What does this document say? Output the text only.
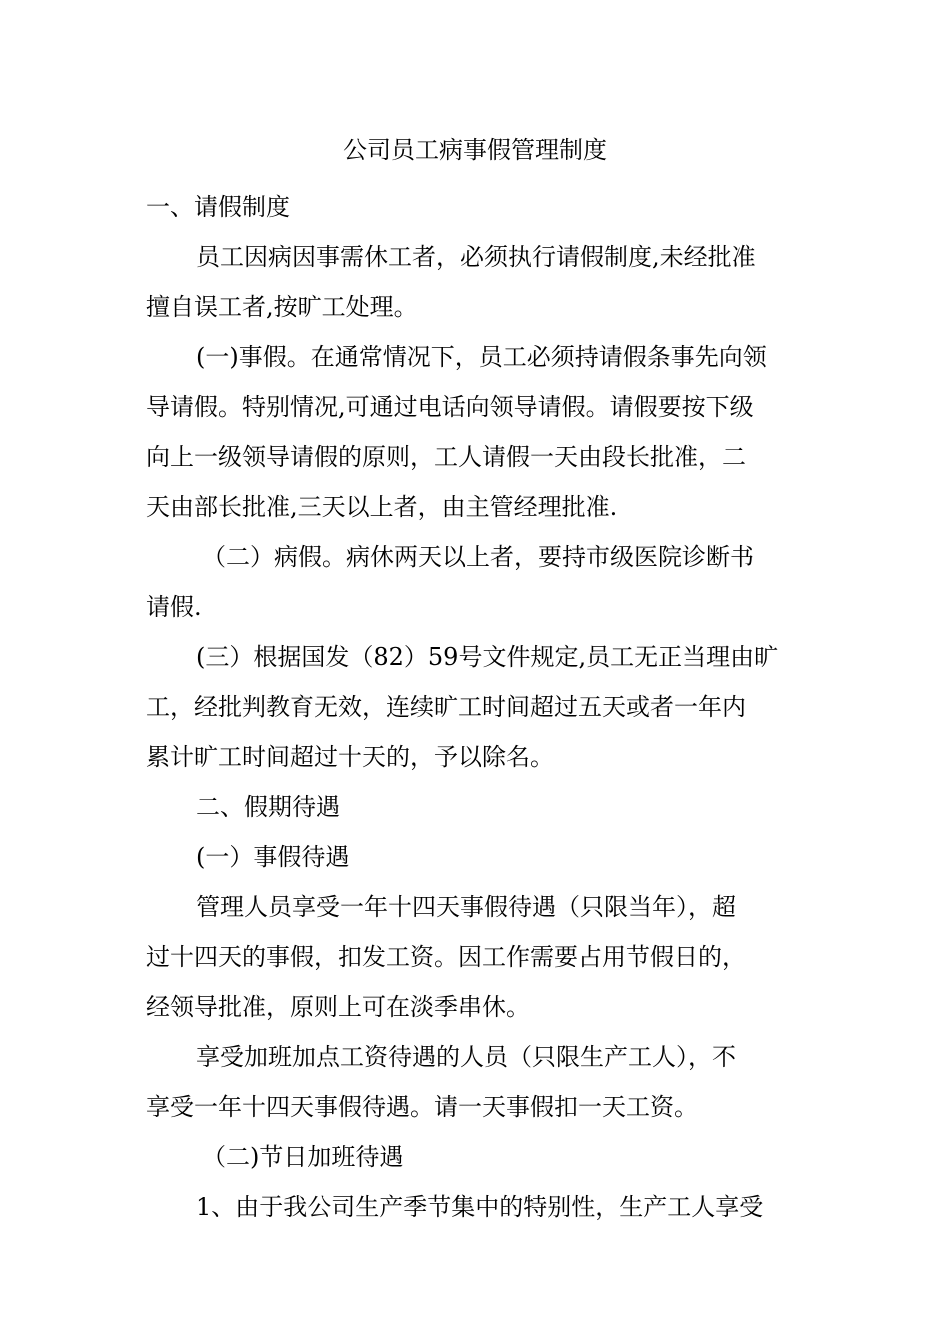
公司员工病事假管理制度

一、请假制度

员工因病因事需休工者，必须执行请假制度,未经批准

擅自误工者,按旷工处理。

(一)事假。在通常情况下，员工必须持请假条事先向领

导请假。特别情况,可通过电话向领导请假。请假要按下级

向上一级领导请假的原则，工人请假一天由段长批准，二

天由部长批准,三天以上者，由主管经理批准.

（二）病假。病休两天以上者，要持市级医院诊断书

请假.

(三）根据国发（82）59号文件规定,员工无正当理由旷

工，经批判教育无效，连续旷工时间超过五天或者一年内

累计旷工时间超过十天的，予以除名。

二、假期待遇

(一）事假待遇

管理人员享受一年十四天事假待遇（只限当年），超

过十四天的事假，扣发工资。因工作需要占用节假日的，

经领导批准，原则上可在淡季串休。

享受加班加点工资待遇的人员（只限生产工人），不

享受一年十四天事假待遇。请一天事假扣一天工资。

（二)节日加班待遇

1、由于我公司生产季节集中的特别性，生产工人享受
